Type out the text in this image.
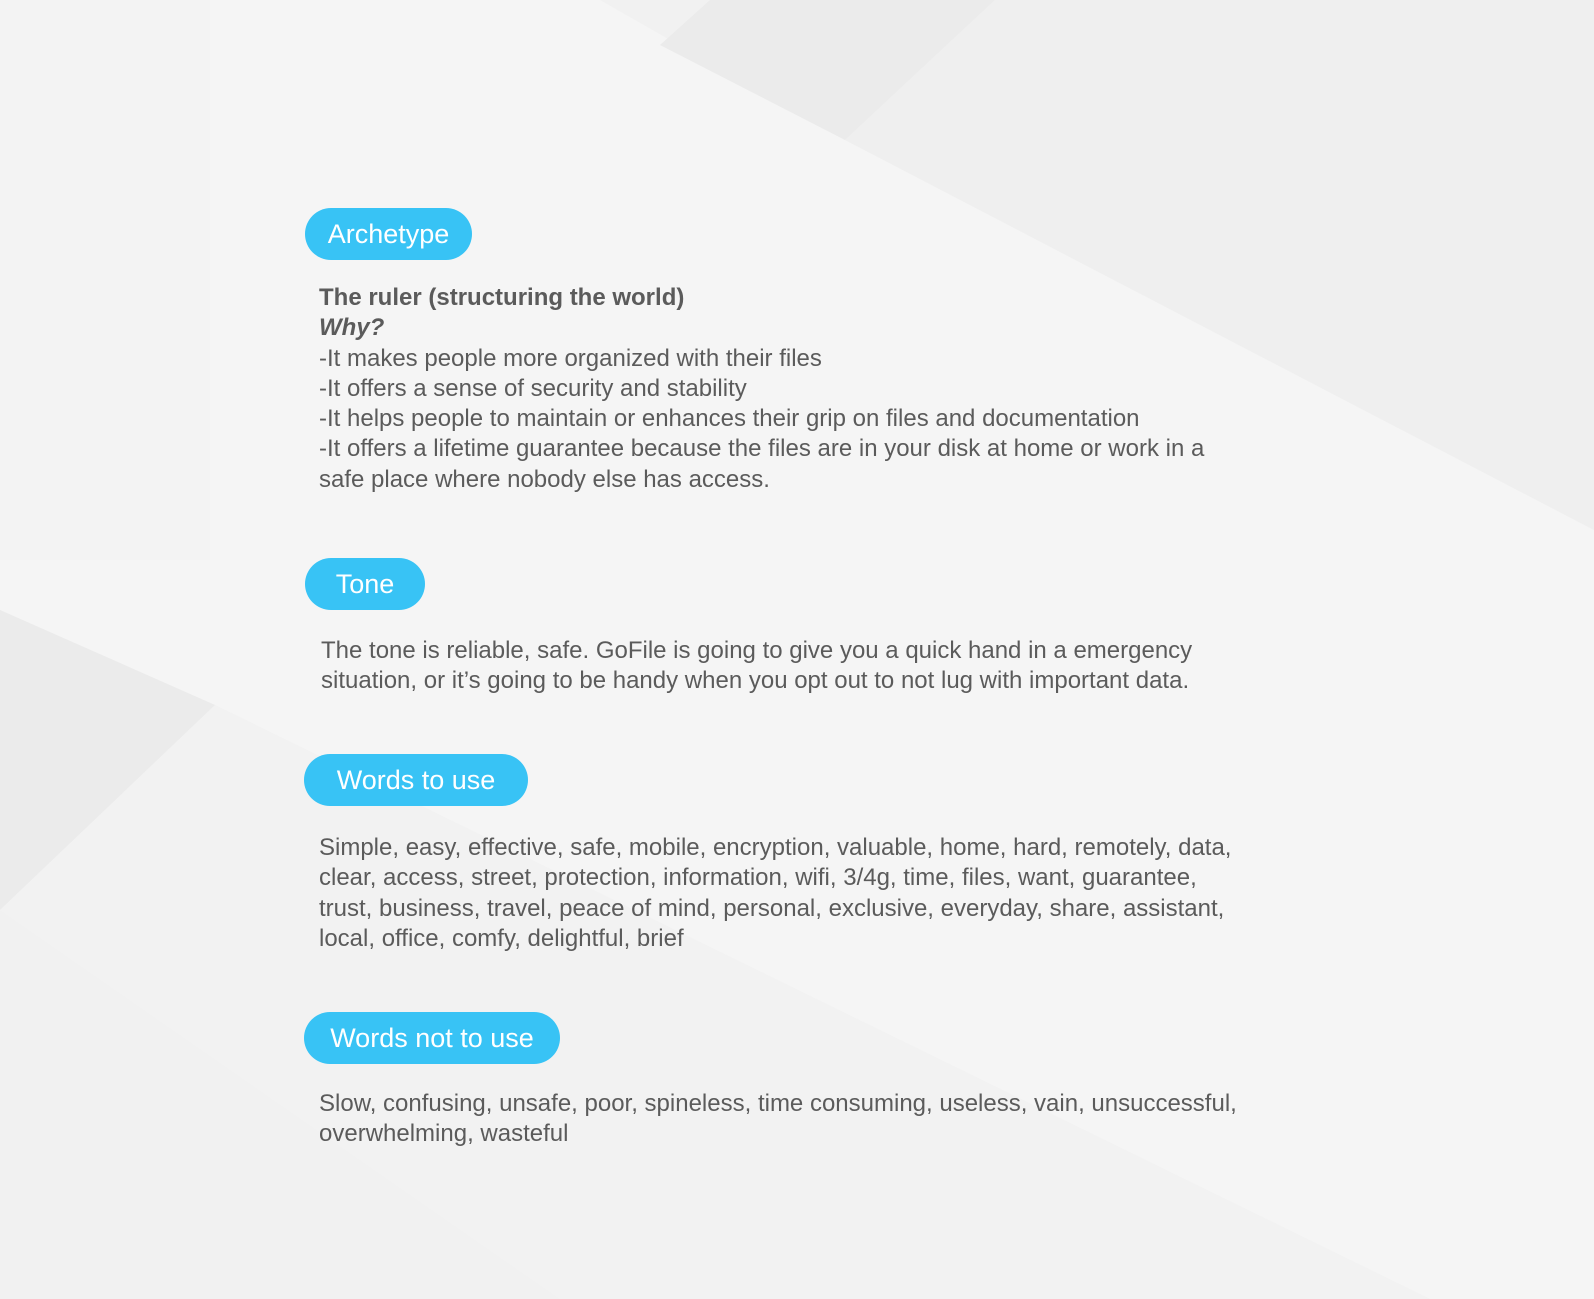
Archetype
The ruler (structuring the world)
Why?
-It makes people more organized with their files
-It offers a sense of security and stability
-It helps people to maintain or enhances their grip on files and documentation
-It offers a lifetime guarantee because the files are in your disk at home or work in a
safe place where nobody else has access.
Tone
The tone is reliable, safe. GoFile is going to give you a quick hand in a emergency
situation, or it’s going to be handy when you opt out to not lug with important data.
Words to use
Simple, easy, effective, safe, mobile, encryption, valuable, home, hard, remotely, data,
clear, access, street, protection, information, wifi, 3/4g, time, files, want, guarantee,
trust, business, travel, peace of mind, personal, exclusive, everyday, share, assistant,
local, office, comfy, delightful, brief
Words not to use
Slow, confusing, unsafe, poor, spineless, time consuming, useless, vain, unsuccessful,
overwhelming, wasteful
